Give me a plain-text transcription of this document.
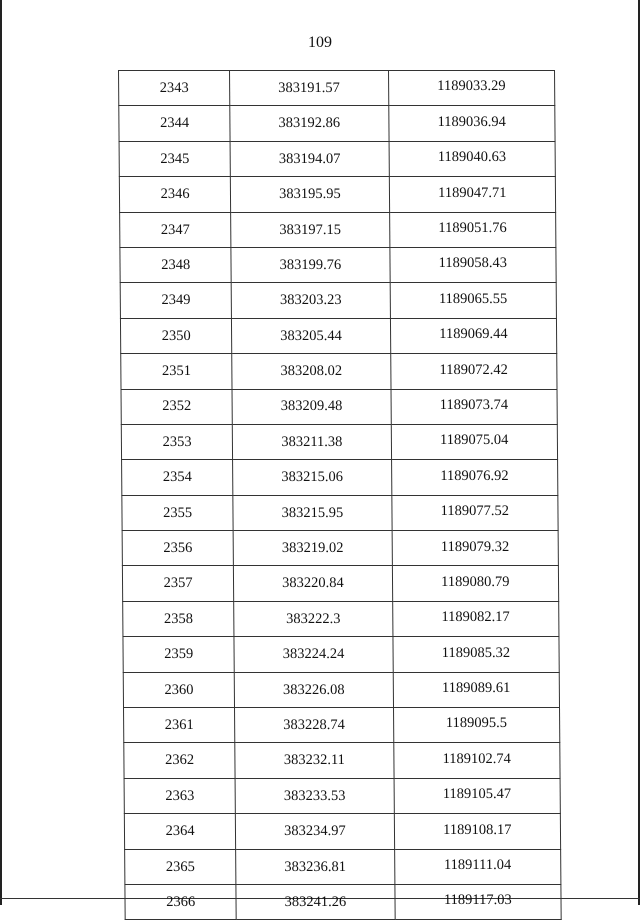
109
2343	383191.57	1189033.29
2344	383192.86	1189036.94
2345	383194.07	1189040.63
2346	383195.95	1189047.71
2347	383197.15	1189051.76
2348	383199.76	1189058.43
2349	383203.23	1189065.55
2350	383205.44	1189069.44
2351	383208.02	1189072.42
2352	383209.48	1189073.74
2353	383211.38	1189075.04
2354	383215.06	1189076.92
2355	383215.95	1189077.52
2356	383219.02	1189079.32
2357	383220.84	1189080.79
2358	383222.3	1189082.17
2359	383224.24	1189085.32
2360	383226.08	1189089.61
2361	383228.74	1189095.5
2362	383232.11	1189102.74
2363	383233.53	1189105.47
2364	383234.97	1189108.17
2365	383236.81	1189111.04
2366	383241.26	1189117.03
